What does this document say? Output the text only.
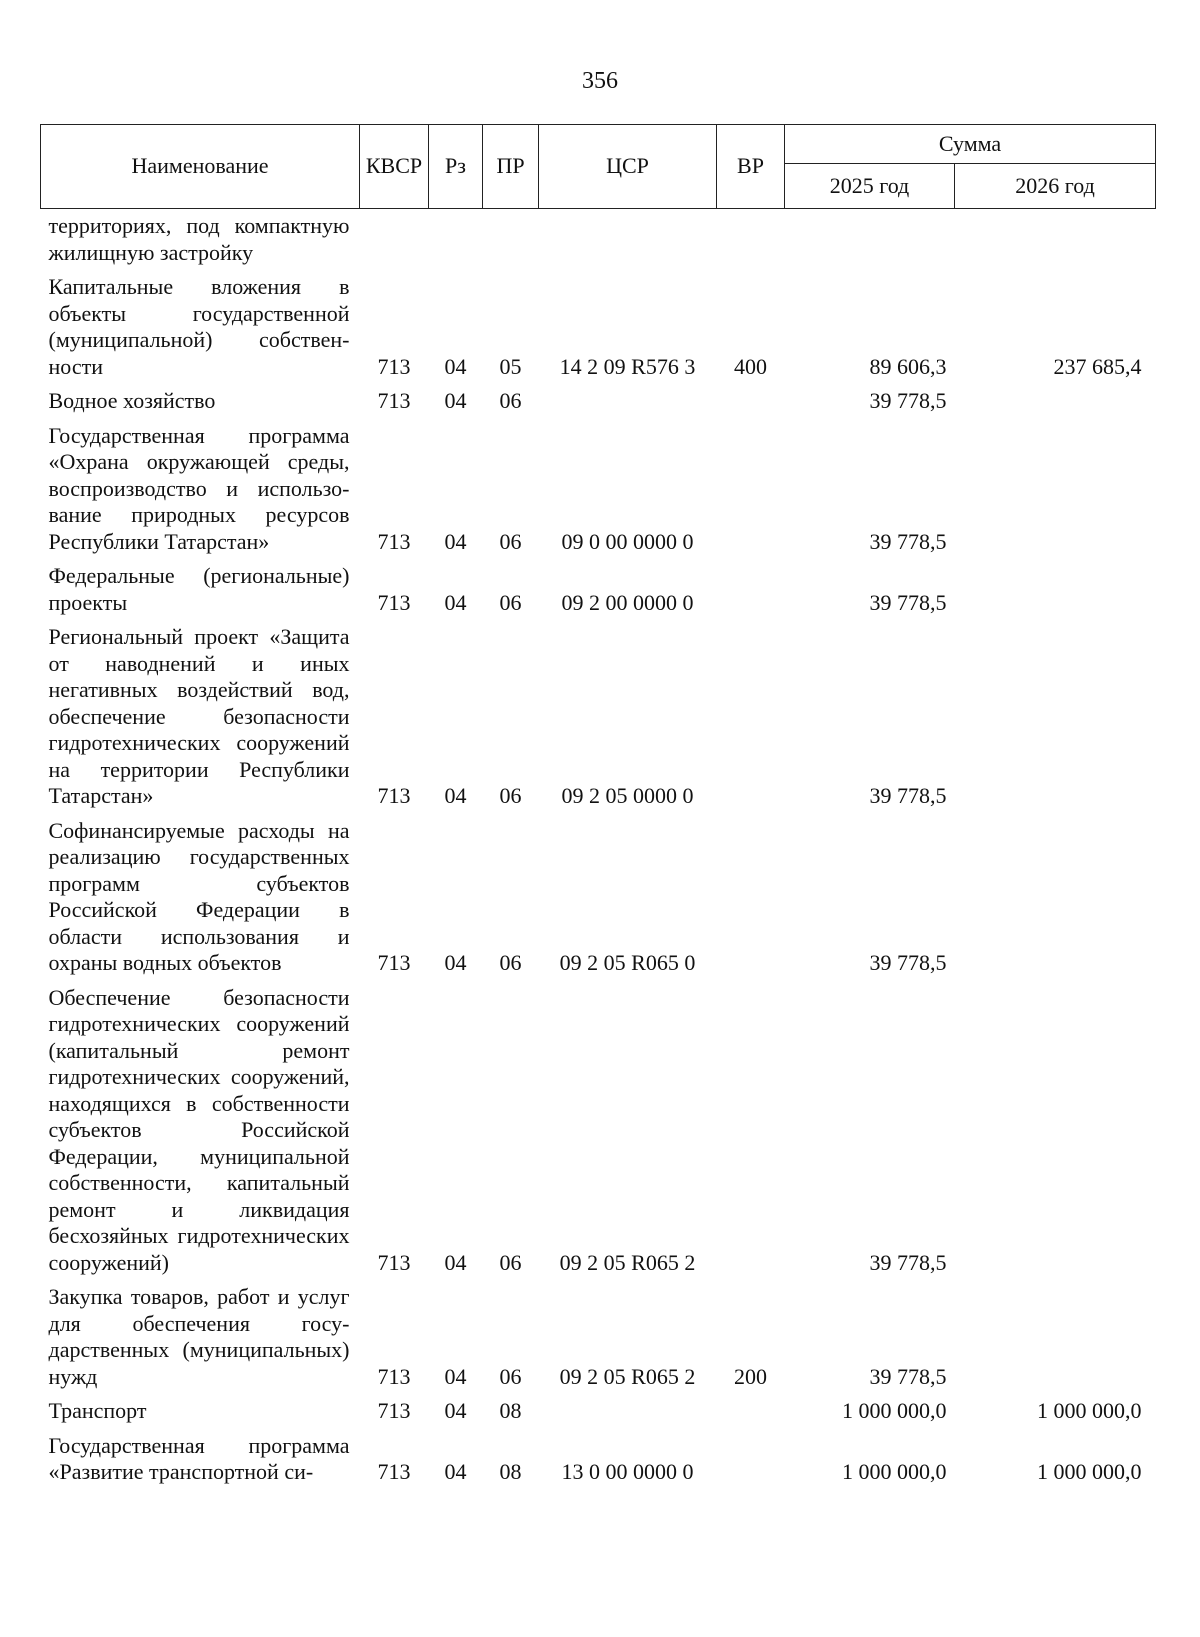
356
Наименование	КВСР	Рз	ПР	ЦСР	ВР	Сумма	
						2025 год	2026 год
территориях, под компактную жилищную застройку							
Капитальные вложения в объекты государственной (муниципальной) собственности	713	04	05	14 2 09 R576 3	400	89 606,3	237 685,4
Водное хозяйство	713	04	06			39 778,5	
Государственная программа «Охрана окружающей среды, воспроизводство и использование природных ресурсов Республики Татарстан»	713	04	06	09 0 00 0000 0		39 778,5	
Федеральные (региональные) проекты	713	04	06	09 2 00 0000 0		39 778,5	
Региональный проект «Защита от наводнений и иных негативных воздействий вод, обеспечение безопасности гидротехнических сооружений на территории Республики Татарстан»	713	04	06	09 2 05 0000 0		39 778,5	
Софинансируемые расходы на реализацию государственных программ субъектов Российской Федерации в области использования и охраны водных объектов	713	04	06	09 2 05 R065 0		39 778,5	
Обеспечение безопасности гидротехнических сооружений (капитальный ремонт гидротехнических сооружений, находящихся в собственности субъектов Российской Федерации, муниципальной собственности, капитальный ремонт и ликвидация бесхозяйных гидротехнических сооружений)	713	04	06	09 2 05 R065 2		39 778,5	
Закупка товаров, работ и услуг для обеспечения государственных (муниципальных) нужд	713	04	06	09 2 05 R065 2	200	39 778,5	
Транспорт	713	04	08			1 000 000,0	1 000 000,0
Государственная программа «Развитие транспортной си-	713	04	08	13 0 00 0000 0		1 000 000,0	1 000 000,0
